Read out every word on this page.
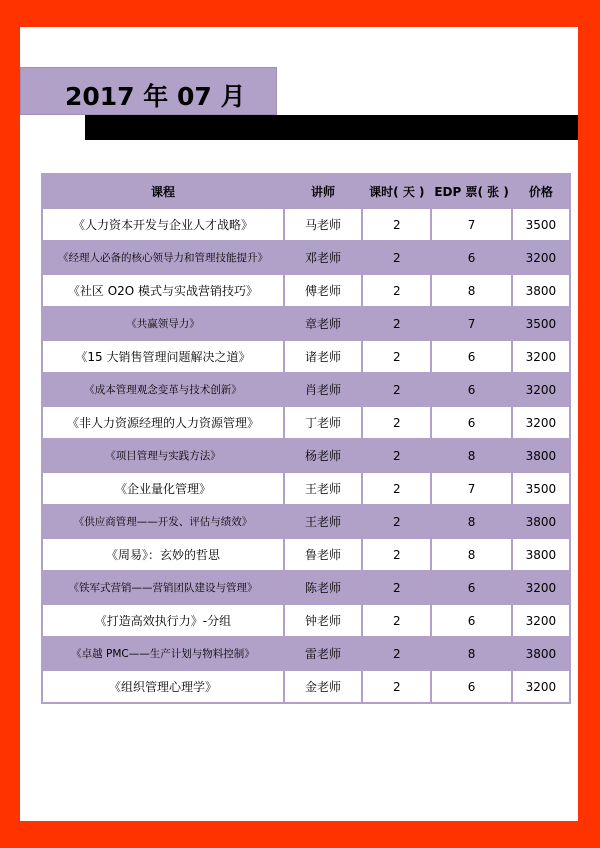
2017 年 07 月
课程	讲师	课时( 天 )	EDP 票( 张 )	价格
《人力资本开发与企业人才战略》	马老师	2	7	3500
《经理人必备的核心领导力和管理技能提升》	邓老师	2	6	3200
《社区 O2O 模式与实战营销技巧》	傅老师	2	8	3800
《共赢领导力》	章老师	2	7	3500
《15 大销售管理问题解决之道》	诸老师	2	6	3200
《成本管理观念变革与技术创新》	肖老师	2	6	3200
《非人力资源经理的人力资源管理》	丁老师	2	6	3200
《项目管理与实践方法》	杨老师	2	8	3800
《企业量化管理》	王老师	2	7	3500
《供应商管理——开发、评估与绩效》	王老师	2	8	3800
《周易》：玄妙的哲思	鲁老师	2	8	3800
《铁军式营销——营销团队建设与管理》	陈老师	2	6	3200
《打造高效执行力》-分组	钟老师	2	6	3200
《卓越 PMC——生产计划与物料控制》	雷老师	2	8	3800
《组织管理心理学》	金老师	2	6	3200
